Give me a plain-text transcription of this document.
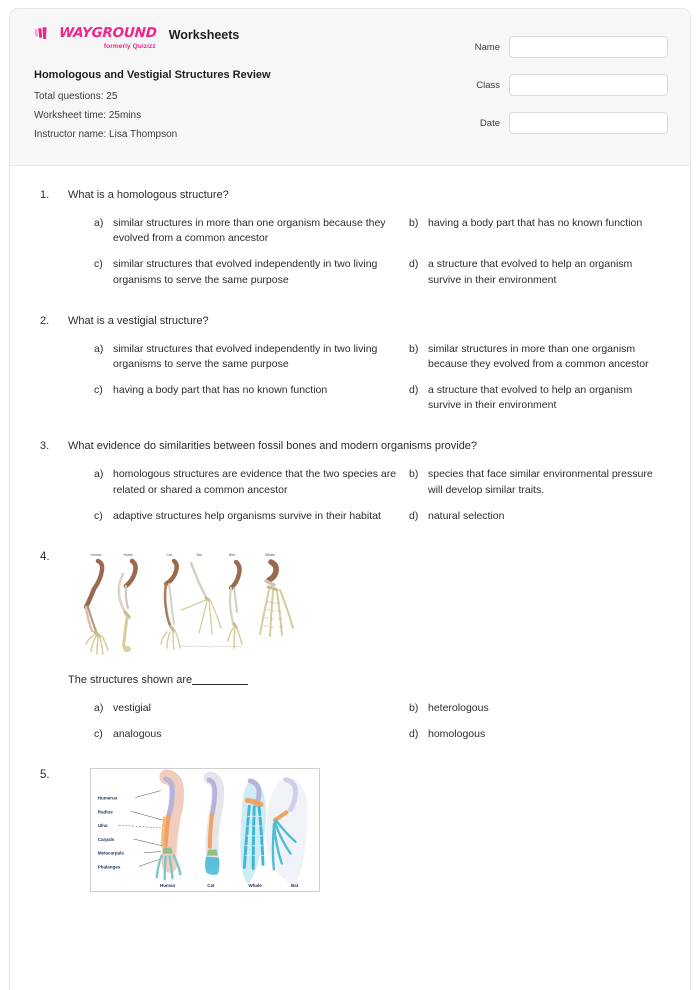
WAYGROUND
formerly Quizizz
Worksheets
Homologous and Vestigial Structures Review
Total questions: 25
Worksheet time: 25mins
Instructor name: Lisa Thompson
Name
Class
Date
1. What is a homologous structure?
a) similar structures in more than one organism because they evolved from a common ancestor
b) having a body part that has no known function
c) similar structures that evolved independently in two living organisms to serve the same purpose
d) a structure that evolved to help an organism survive in their environment
2. What is a vestigial structure?
a) similar structures that evolved independently in two living organisms to serve the same purpose
b) similar structures in more than one organism because they evolved from a common ancestor
c) having a body part that has no known function	d) a structure that evolved to help an organism survive in their environment
3. What evidence do similarities between fossil bones and modern organisms provide?
a) homologous structures are evidence that the two species are related or shared a common ancestor
b) species that face similar environmental pressure will develop similar traits.
c) adaptive structures help organisms survive in their habitat	d) natural selection
4.	Human	Horse	Cat	Bat	Bird	Whale
© 2012 Brooks/Cole Publishing, a division of Thomson Learning
The structures shown are
a) vestigial	b) heterologous
c) analogous	d) homologous
5.
Humerus
Radius
Ulna
Carpals
Metacarpals
Phalanges
Human	Cat	Whale	Bat
